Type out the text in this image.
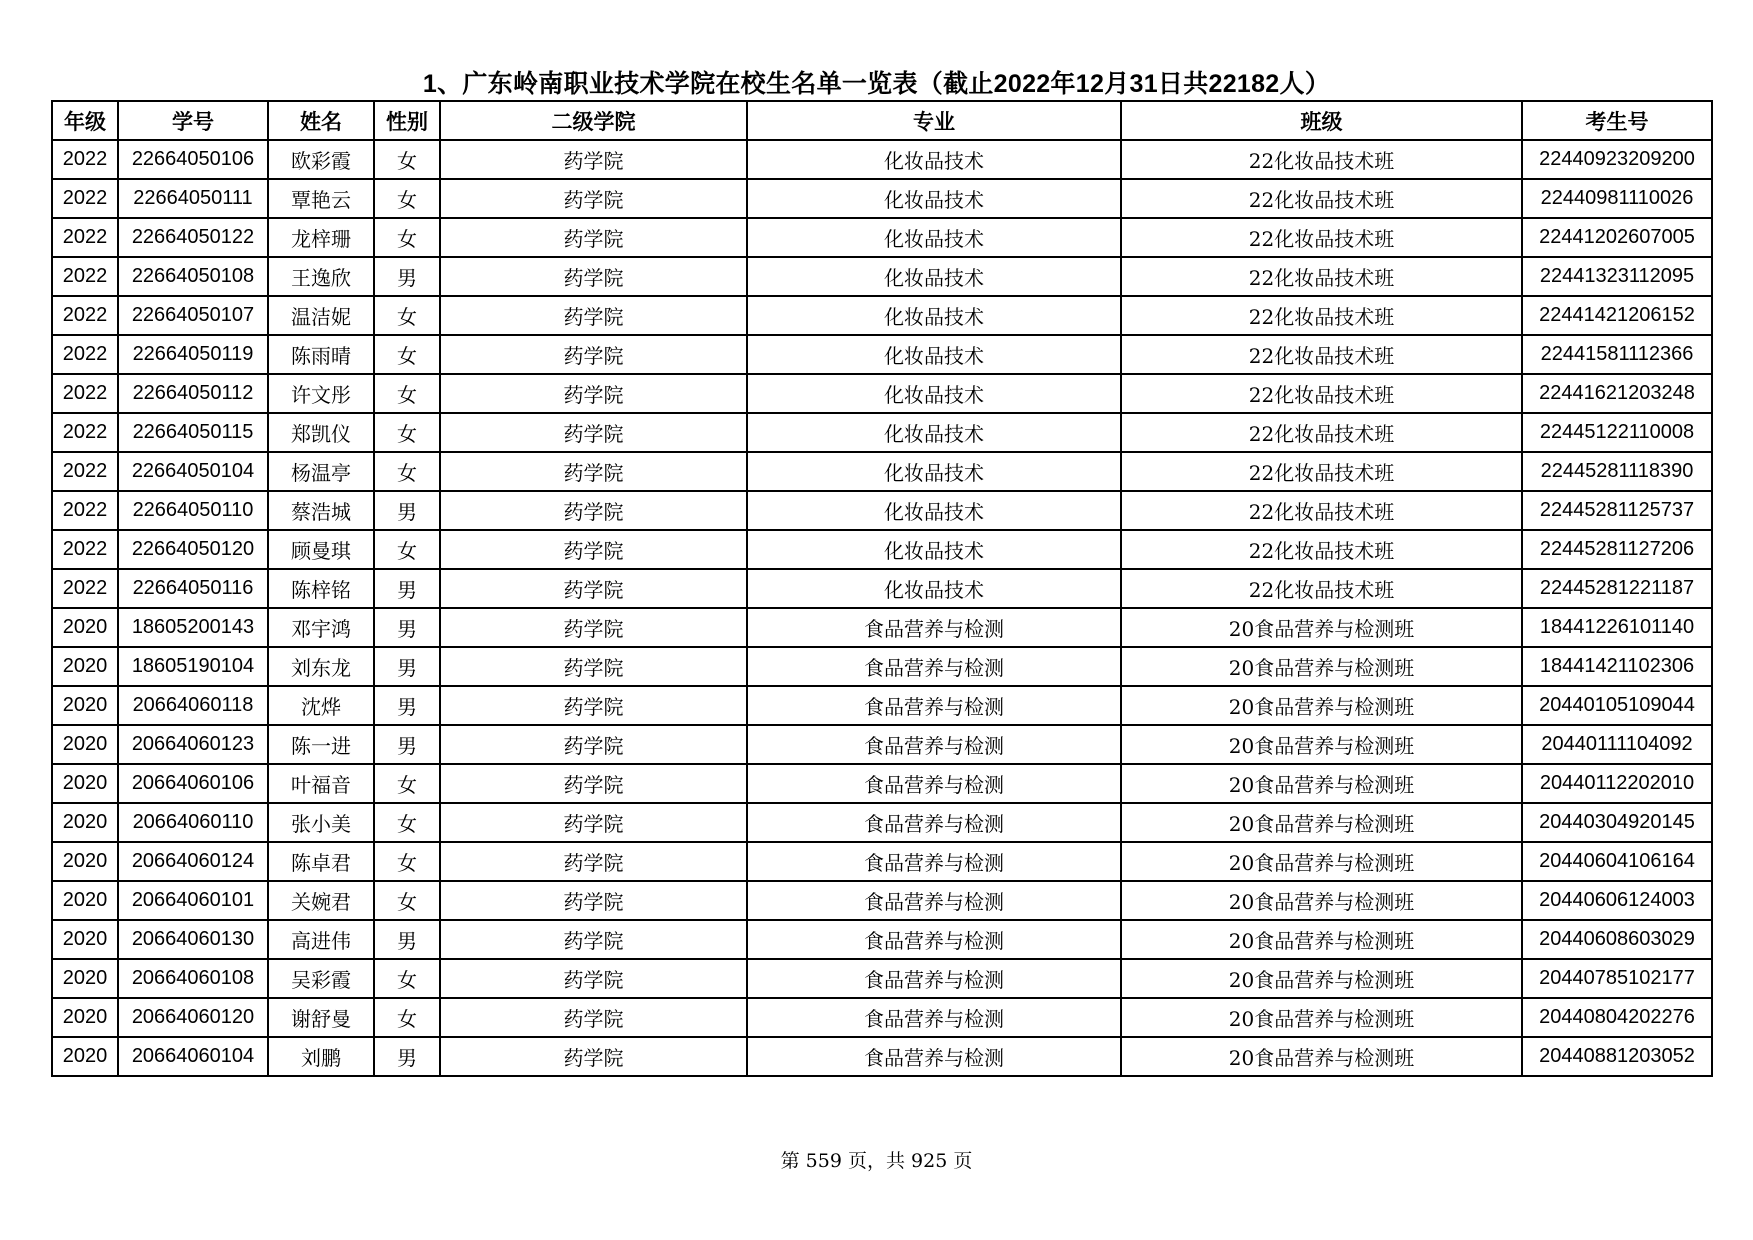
1、广东岭南职业技术学院在校生名单一览表（截止2022年12月31日共22182人）
年级	学号	姓名	性别	二级学院	专业	班级	考生号
2022	22664050106	欧彩霞	女	药学院	化妆品技术	22化妆品技术班	22440923209200
2022	22664050111	覃艳云	女	药学院	化妆品技术	22化妆品技术班	22440981110026
2022	22664050122	龙梓珊	女	药学院	化妆品技术	22化妆品技术班	22441202607005
2022	22664050108	王逸欣	男	药学院	化妆品技术	22化妆品技术班	22441323112095
2022	22664050107	温洁妮	女	药学院	化妆品技术	22化妆品技术班	22441421206152
2022	22664050119	陈雨晴	女	药学院	化妆品技术	22化妆品技术班	22441581112366
2022	22664050112	许文彤	女	药学院	化妆品技术	22化妆品技术班	22441621203248
2022	22664050115	郑凯仪	女	药学院	化妆品技术	22化妆品技术班	22445122110008
2022	22664050104	杨温亭	女	药学院	化妆品技术	22化妆品技术班	22445281118390
2022	22664050110	蔡浩城	男	药学院	化妆品技术	22化妆品技术班	22445281125737
2022	22664050120	顾曼琪	女	药学院	化妆品技术	22化妆品技术班	22445281127206
2022	22664050116	陈梓铭	男	药学院	化妆品技术	22化妆品技术班	22445281221187
2020	18605200143	邓宇鸿	男	药学院	食品营养与检测	20食品营养与检测班	18441226101140
2020	18605190104	刘东龙	男	药学院	食品营养与检测	20食品营养与检测班	18441421102306
2020	20664060118	沈烨	男	药学院	食品营养与检测	20食品营养与检测班	20440105109044
2020	20664060123	陈一进	男	药学院	食品营养与检测	20食品营养与检测班	20440111104092
2020	20664060106	叶福音	女	药学院	食品营养与检测	20食品营养与检测班	20440112202010
2020	20664060110	张小美	女	药学院	食品营养与检测	20食品营养与检测班	20440304920145
2020	20664060124	陈卓君	女	药学院	食品营养与检测	20食品营养与检测班	20440604106164
2020	20664060101	关婉君	女	药学院	食品营养与检测	20食品营养与检测班	20440606124003
2020	20664060130	高进伟	男	药学院	食品营养与检测	20食品营养与检测班	20440608603029
2020	20664060108	吴彩霞	女	药学院	食品营养与检测	20食品营养与检测班	20440785102177
2020	20664060120	谢舒曼	女	药学院	食品营养与检测	20食品营养与检测班	20440804202276
2020	20664060104	刘鹏	男	药学院	食品营养与检测	20食品营养与检测班	20440881203052
第 559 页，共 925 页
